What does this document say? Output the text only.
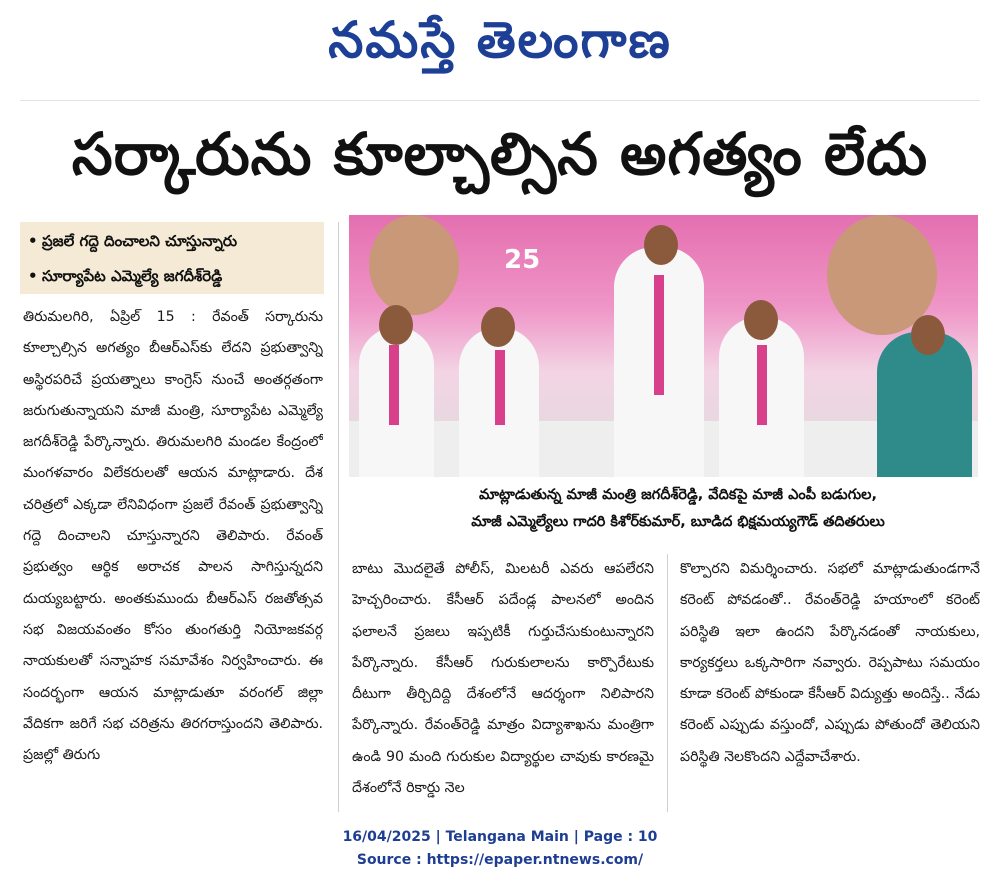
నమస్తే తెలంగాణ
సర్కారును కూల్చాల్సిన అగత్యం లేదు
• ప్రజలే గద్దె దించాలని చూస్తున్నారు
• సూర్యాపేట ఎమ్మెల్యే జగదీశ్‌రెడ్డి

తిరుమలగిరి, ఏప్రిల్ 15 : రేవంత్ సర్కారును కూల్చాల్సిన అగత్యం బీఆర్‌ఎస్‌కు లేదని ప్రభుత్వాన్ని అస్థిరపరిచే ప్రయత్నాలు కాంగ్రెస్ నుంచే అంతర్గతంగా జరుగుతున్నాయని మాజీ మంత్రి, సూర్యాపేట ఎమ్మెల్యే జగదీశ్‌రెడ్డి పేర్కొన్నారు. తిరుమలగిరి మండల కేంద్రంలో మంగళవారం విలేకరులతో ఆయన మాట్లాడారు. దేశ చరిత్రలో ఎక్కడా లేనివిధంగా ప్రజలే రేవంత్ ప్రభుత్వాన్ని గద్దె దించాలని చూస్తున్నారని తెలిపారు. రేవంత్ ప్రభుత్వం ఆర్థిక అరాచక పాలన సాగిస్తున్నదని దుయ్యబట్టారు. అంతకుముందు బీఆర్‌ఎస్ రజతోత్సవ సభ విజయవంతం కోసం తుంగతుర్తి నియోజకవర్గ నాయకులతో సన్నాహక సమావేశం నిర్వహించారు. ఈ సందర్భంగా ఆయన మాట్లాడుతూ వరంగల్ జిల్లా వేదికగా జరిగే సభ చరిత్రను తిరగరాస్తుందని తెలిపారు. ప్రజల్లో తిరుగు

25
మాట్లాడుతున్న మాజీ మంత్రి జగదీశ్‌రెడ్డి, వేదికపై మాజీ ఎంపీ బడుగుల,
మాజీ ఎమ్మెల్యేలు గాదరి కిశోర్‌కుమార్, బూడిద భిక్షమయ్యగౌడ్ తదితరులు

బాటు మొదలైతే పోలీస్, మిలటరీ ఎవరు ఆపలేరని హెచ్చరించారు. కేసీఆర్ పదేండ్ల పాలనలో అందిన ఫలాలనే ప్రజలు ఇప్పటికీ గుర్తుచేసుకుంటున్నారని పేర్కొన్నారు. కేసీఆర్ గురుకులాలను కార్పొరేటుకు దీటుగా తీర్చిదిద్ది దేశంలోనే ఆదర్శంగా నిలిపారని పేర్కొన్నారు. రేవంత్‌రెడ్డి మాత్రం విద్యాశాఖను మంత్రిగా ఉండి 90 మంది గురుకుల విద్యార్థుల చావుకు కారణమై దేశంలోనే రికార్డు నెల

కొల్పారని విమర్శించారు. సభలో మాట్లాడుతుండగానే కరెంట్ పోవడంతో.. రేవంత్‌రెడ్డి హయాంలో కరెంట్ పరిస్థితి ఇలా ఉందని పేర్కొనడంతో నాయకులు, కార్యకర్తలు ఒక్కసారిగా నవ్వారు. రెప్పపాటు సమయం కూడా కరెంట్ పోకుండా కేసీఆర్ విద్యుత్తు అందిస్తే.. నేడు కరెంట్ ఎప్పుడు వస్తుందో, ఎప్పుడు పోతుందో తెలియని పరిస్థితి నెలకొందని ఎద్దేవాచేశారు.

16/04/2025 | Telangana Main | Page : 10
Source : https://epaper.ntnews.com/
